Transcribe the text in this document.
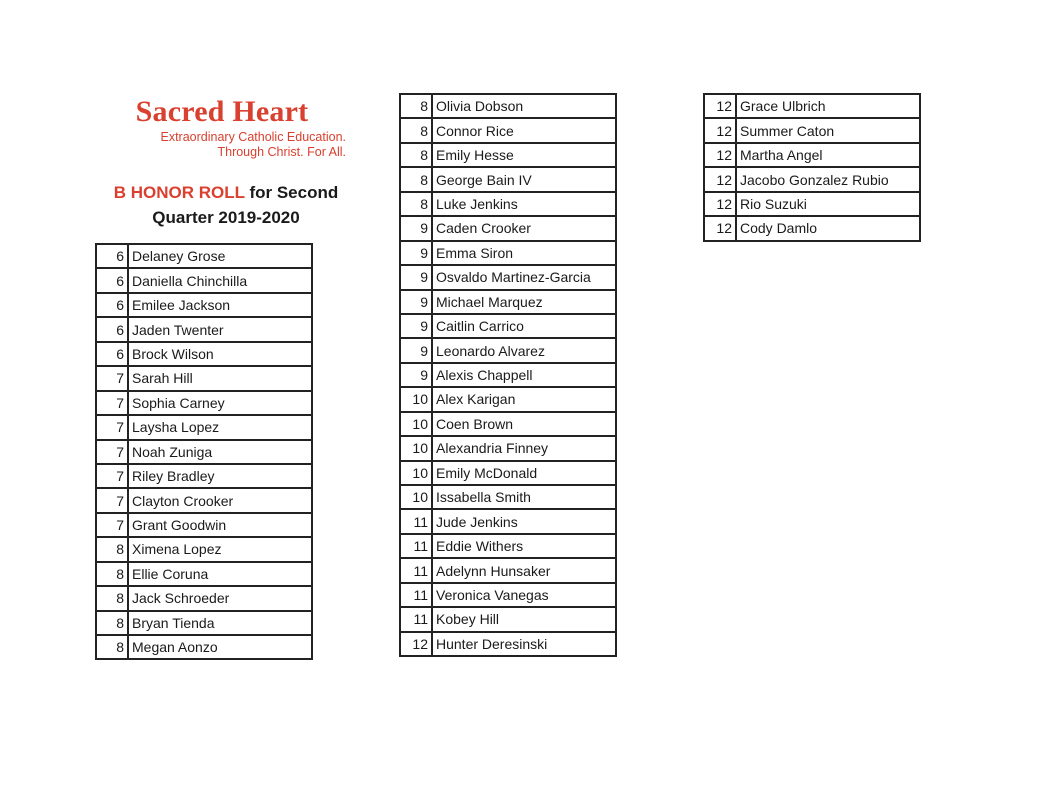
Sacred Heart
Extraordinary Catholic Education.
Through Christ. For All.
B HONOR ROLL for Second
Quarter 2019-2020
6	Delaney Grose
6	Daniella Chinchilla
6	Emilee Jackson
6	Jaden Twenter
6	Brock Wilson
7	Sarah Hill
7	Sophia Carney
7	Laysha Lopez
7	Noah Zuniga
7	Riley Bradley
7	Clayton Crooker
7	Grant Goodwin
8	Ximena Lopez
8	Ellie Coruna
8	Jack Schroeder
8	Bryan Tienda
8	Megan Aonzo
8	Olivia Dobson
8	Connor Rice
8	Emily Hesse
8	George Bain IV
8	Luke Jenkins
9	Caden Crooker
9	Emma Siron
9	Osvaldo Martinez-Garcia
9	Michael Marquez
9	Caitlin Carrico
9	Leonardo Alvarez
9	Alexis Chappell
10	Alex Karigan
10	Coen Brown
10	Alexandria Finney
10	Emily McDonald
10	Issabella Smith
11	Jude Jenkins
11	Eddie Withers
11	Adelynn Hunsaker
11	Veronica Vanegas
11	Kobey Hill
12	Hunter Deresinski
12	Grace Ulbrich
12	Summer Caton
12	Martha Angel
12	Jacobo Gonzalez Rubio
12	Rio Suzuki
12	Cody Damlo
